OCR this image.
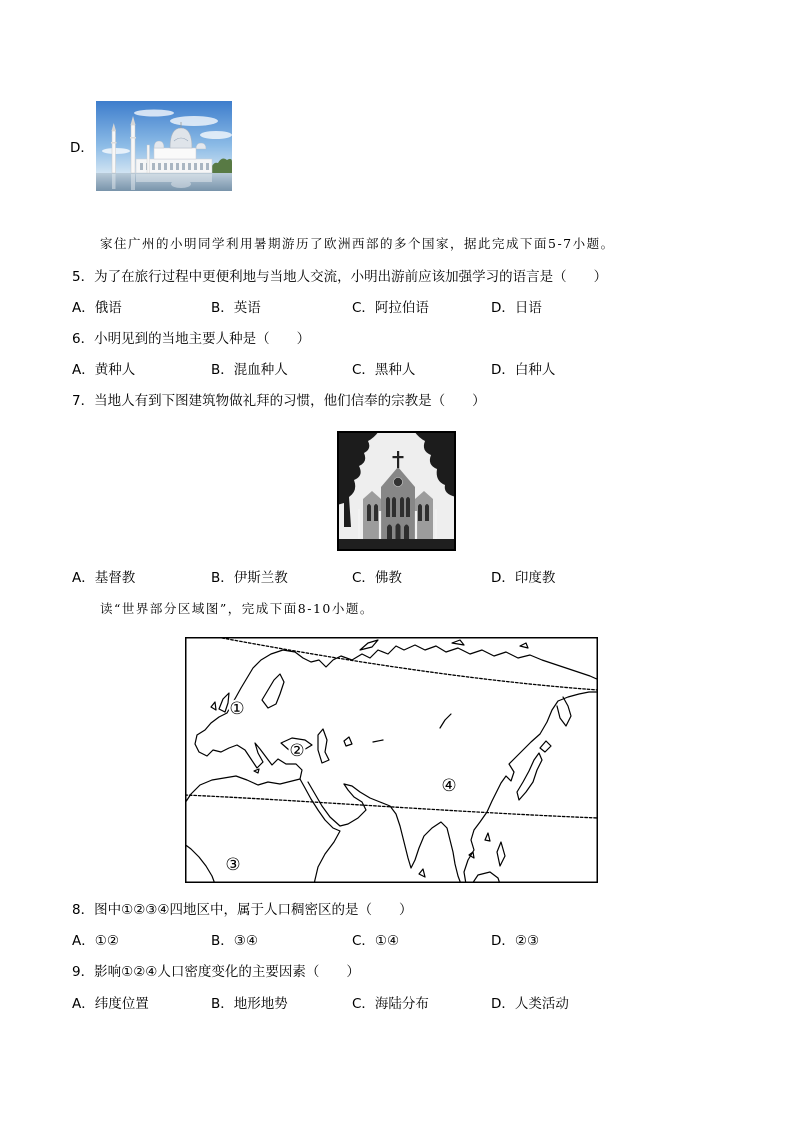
D．
家住广州的小明同学利用暑期游历了欧洲西部的多个国家，据此完成下面5-7小题。
5．为了在旅行过程中更便利地与当地人交流，小明出游前应该加强学习的语言是（　　）
A．俄语	B．英语	C．阿拉伯语	D．日语
6．小明见到的当地主要人种是（　　）
A．黄种人	B．混血种人	C．黑种人	D．白种人
7．当地人有到下图建筑物做礼拜的习惯，他们信奉的宗教是（　　）
A．基督教	B．伊斯兰教	C．佛教	D．印度教
读“世界部分区域图”，完成下面8-10小题。
①
②
③
④
8．图中①②③④四地区中，属于人口稠密区的是（　　）
A．①②	B．③④	C．①④	D．②③
9．影响①②④人口密度变化的主要因素（　　）
A．纬度位置	B．地形地势	C．海陆分布	D．人类活动
